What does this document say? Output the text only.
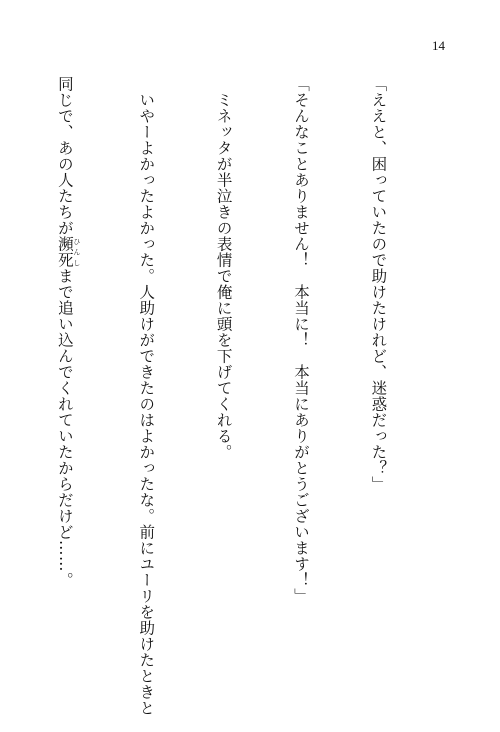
14

「ええと、困っていたので助けたけれど、迷惑だった？」

「そんなことありません！　本当に！　本当にありがとうございます！」

　ミネッタが半泣きの表情で俺に頭を下げてくれる。

　いやーよかったよかった。人助けができたのはよかったな。前にユーリを助けたときと

同じで、あの人たちが瀕死 ひんしまで追い込んでくれていたからだけど……。
